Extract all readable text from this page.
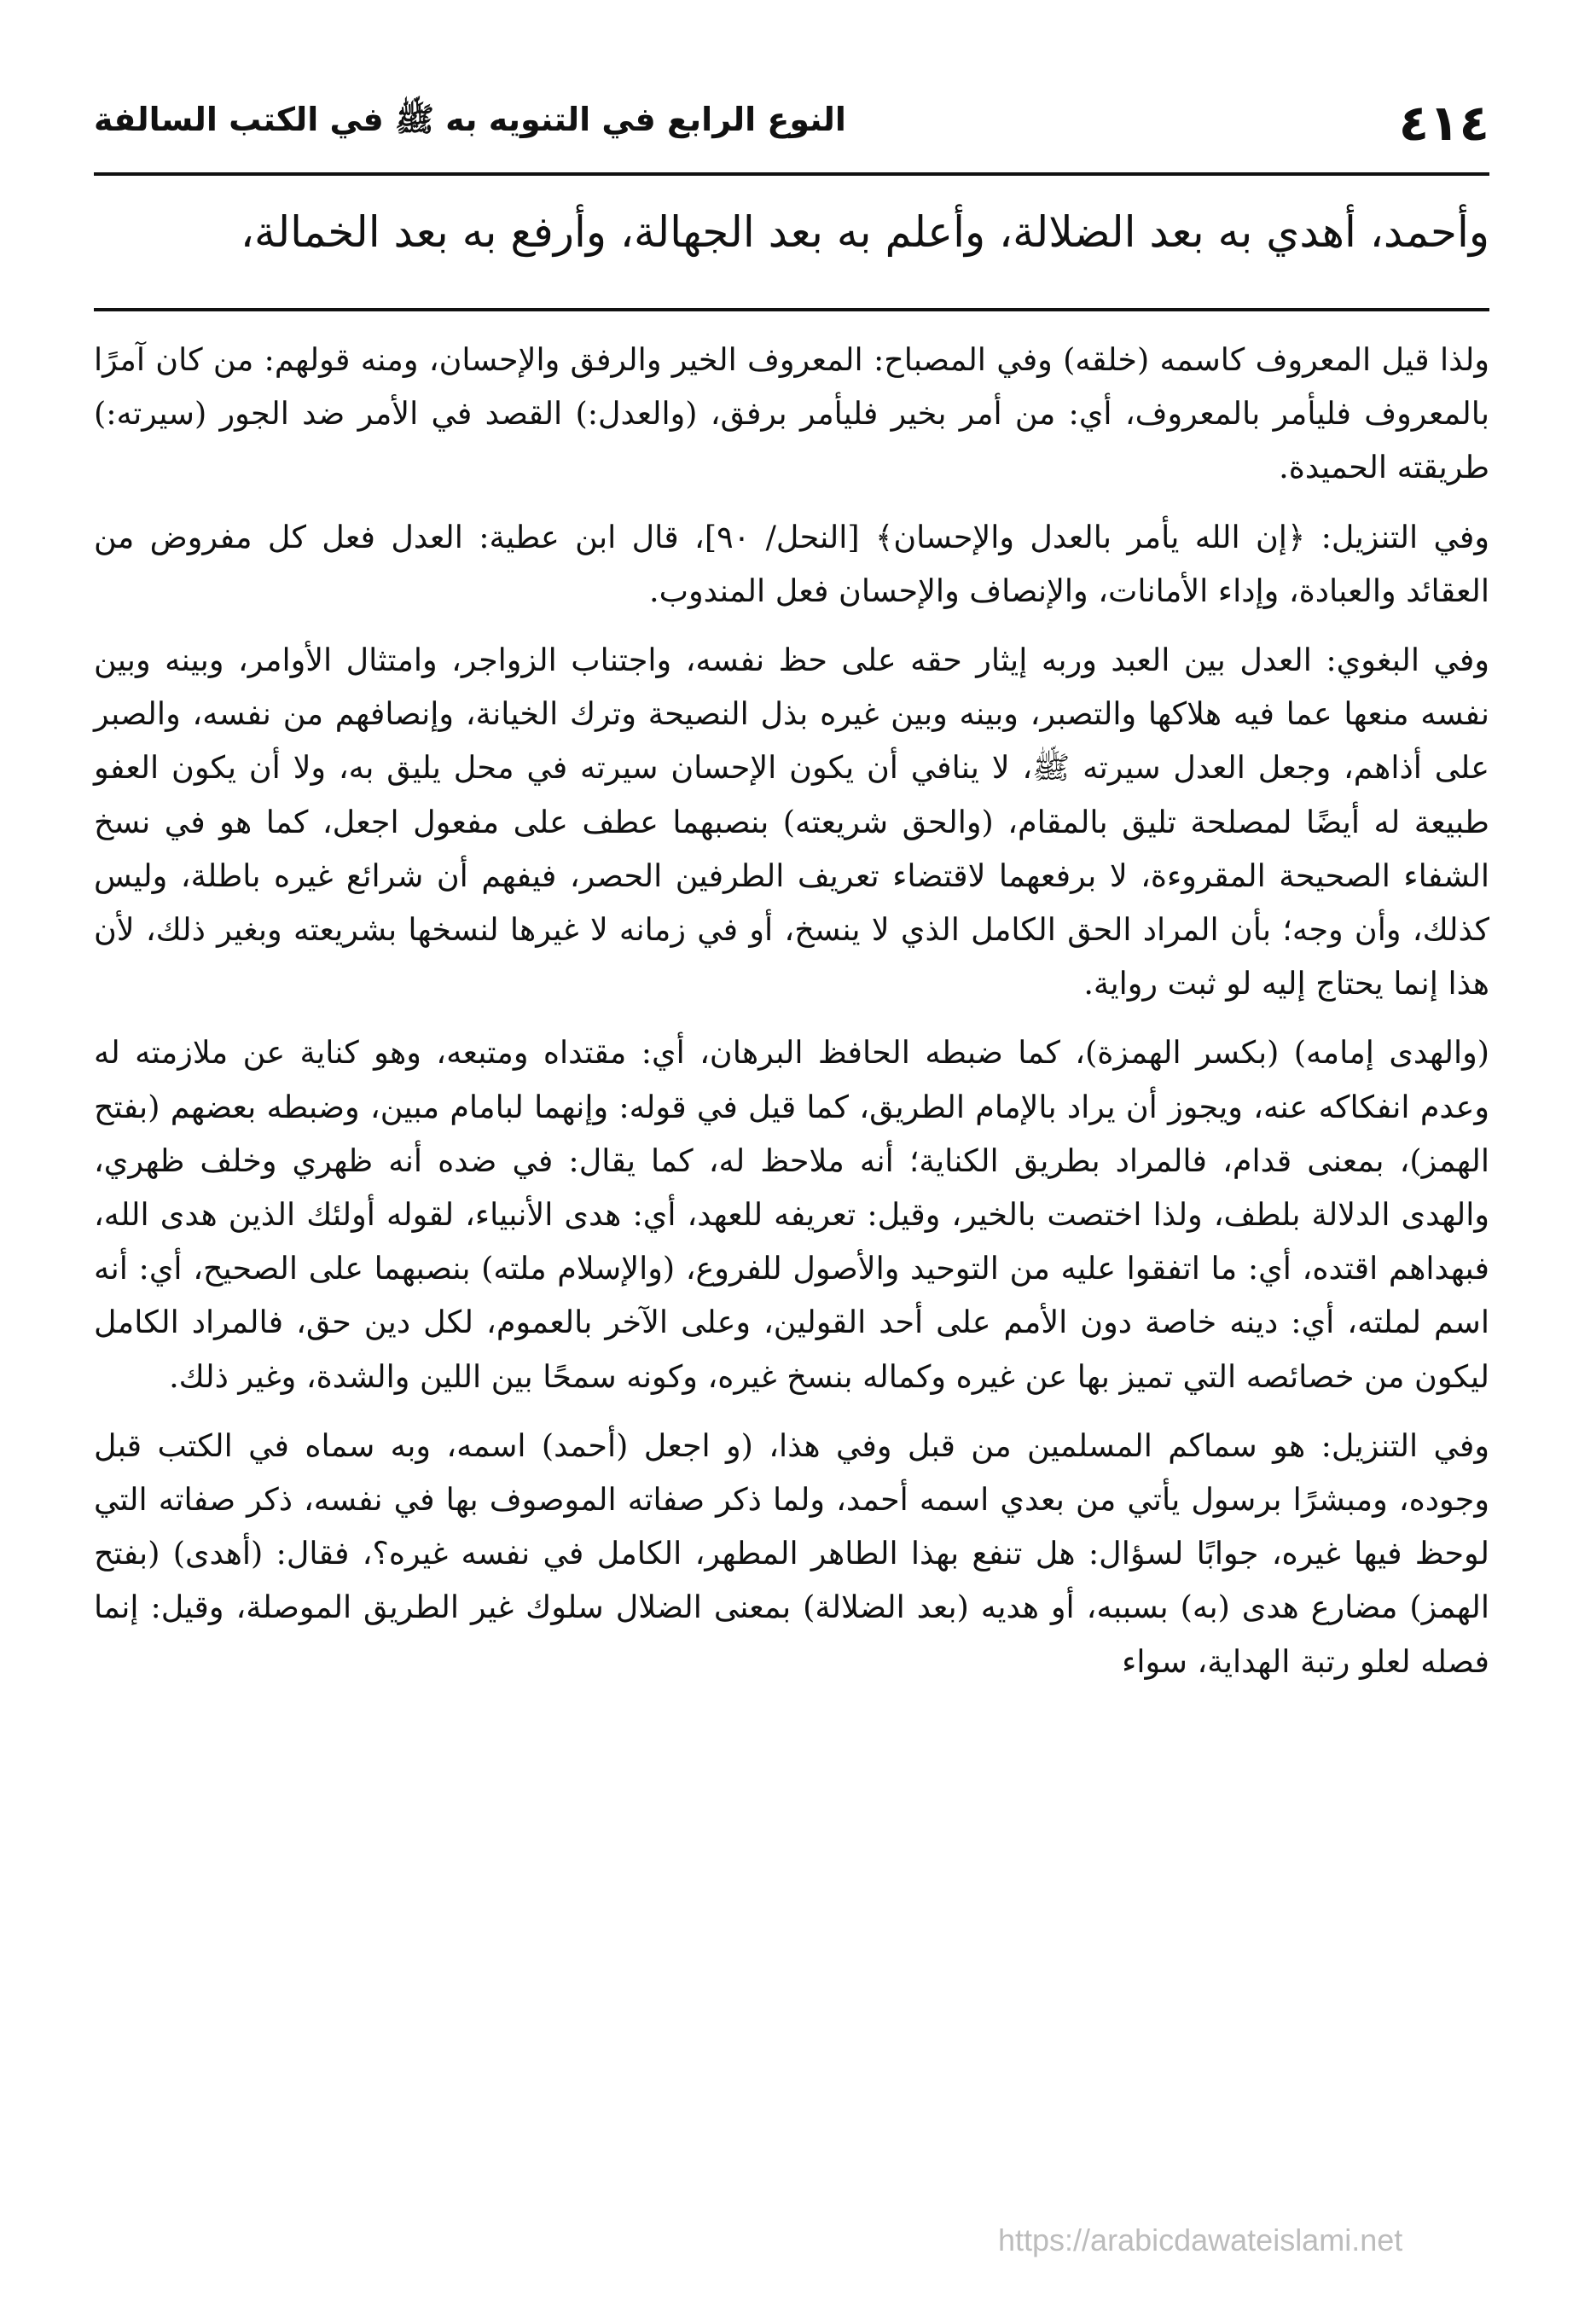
٤١٤
النوع الرابع في التنويه به ﷺ في الكتب السالفة
وأحمد، أهدي به بعد الضلالة، وأعلم به بعد الجهالة، وأرفع به بعد الخمالة،

ولذا قيل المعروف كاسمه (خلقه) وفي المصباح: المعروف الخير والرفق والإحسان، ومنه قولهم: من كان آمرًا بالمعروف فليأمر بالمعروف، أي: من أمر بخير فليأمر برفق، (والعدل:) القصد في الأمر ضد الجور (سيرته:) طريقته الحميدة.

وفي التنزيل: ﴿إن الله يأمر بالعدل والإحسان﴾ [النحل/ ٩٠]، قال ابن عطية: العدل فعل كل مفروض من العقائد والعبادة، وإداء الأمانات، والإنصاف والإحسان فعل المندوب.

وفي البغوي: العدل بين العبد وربه إيثار حقه على حظ نفسه، واجتناب الزواجر، وامتثال الأوامر، وبينه وبين نفسه منعها عما فيه هلاكها والتصبر، وبينه وبين غيره بذل النصيحة وترك الخيانة، وإنصافهم من نفسه، والصبر على أذاهم، وجعل العدل سيرته ﷺ، لا ينافي أن يكون الإحسان سيرته في محل يليق به، ولا أن يكون العفو طبيعة له أيضًا لمصلحة تليق بالمقام، (والحق شريعته) بنصبهما عطف على مفعول اجعل، كما هو في نسخ الشفاء الصحيحة المقروءة، لا برفعهما لاقتضاء تعريف الطرفين الحصر، فيفهم أن شرائع غيره باطلة، وليس كذلك، وأن وجه؛ بأن المراد الحق الكامل الذي لا ينسخ، أو في زمانه لا غيرها لنسخها بشريعته وبغير ذلك، لأن هذا إنما يحتاج إليه لو ثبت رواية.

(والهدى إمامه) (بكسر الهمزة)، كما ضبطه الحافظ البرهان، أي: مقتداه ومتبعه، وهو كناية عن ملازمته له وعدم انفكاكه عنه، ويجوز أن يراد بالإمام الطريق، كما قيل في قوله: وإنهما لبامام مبين، وضبطه بعضهم (بفتح الهمز)، بمعنى قدام، فالمراد بطريق الكناية؛ أنه ملاحظ له، كما يقال: في ضده أنه ظهري وخلف ظهري، والهدى الدلالة بلطف، ولذا اختصت بالخير، وقيل: تعريفه للعهد، أي: هدى الأنبياء، لقوله أولئك الذين هدى الله، فبهداهم اقتده، أي: ما اتفقوا عليه من التوحيد والأصول للفروع، (والإسلام ملته) بنصبهما على الصحيح، أي: أنه اسم لملته، أي: دينه خاصة دون الأمم على أحد القولين، وعلى الآخر بالعموم، لكل دين حق، فالمراد الكامل ليكون من خصائصه التي تميز بها عن غيره وكماله بنسخ غيره، وكونه سمحًا بين اللين والشدة، وغير ذلك.

وفي التنزيل: هو سماكم المسلمين من قبل وفي هذا، (و اجعل (أحمد) اسمه، وبه سماه في الكتب قبل وجوده، ومبشرًا برسول يأتي من بعدي اسمه أحمد، ولما ذكر صفاته الموصوف بها في نفسه، ذكر صفاته التي لوحظ فيها غيره، جوابًا لسؤال: هل تنفع بهذا الطاهر المطهر، الكامل في نفسه غيره؟، فقال: (أهدى) (بفتح الهمز) مضارع هدى (به) بسببه، أو هديه (بعد الضلالة) بمعنى الضلال سلوك غير الطريق الموصلة، وقيل: إنما فصله لعلو رتبة الهداية، سواء

https://arabicdawateislami.net
